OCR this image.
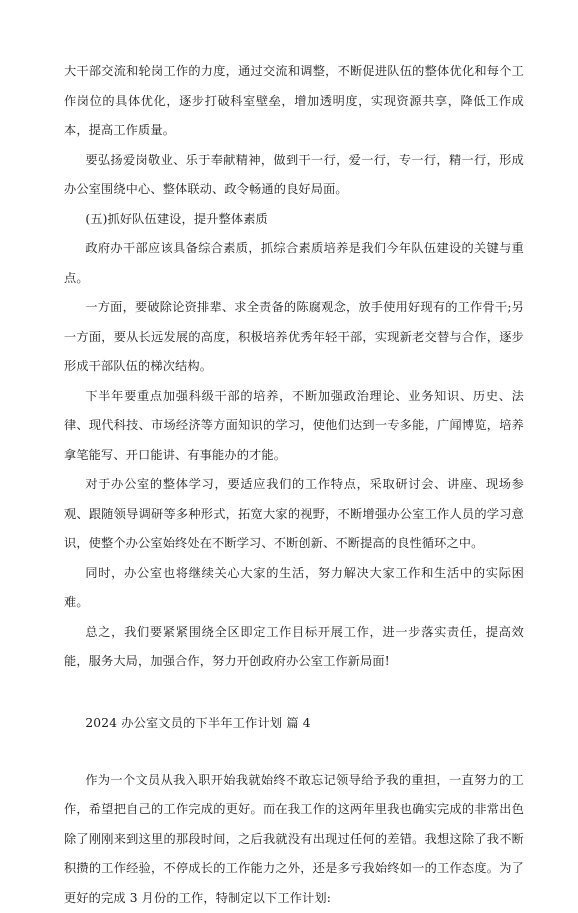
大干部交流和轮岗工作的力度，通过交流和调整，不断促进队伍的整体优化和每个工作岗位的具体优化，逐步打破科室壁垒，增加透明度，实现资源共享，降低工作成本，提高工作质量。

要弘扬爱岗敬业、乐于奉献精神，做到干一行，爱一行，专一行，精一行，形成办公室围绕中心、整体联动、政令畅通的良好局面。

(五)抓好队伍建设，提升整体素质

政府办干部应该具备综合素质，抓综合素质培养是我们今年队伍建设的关键与重点。

一方面，要破除论资排辈、求全责备的陈腐观念，放手使用好现有的工作骨干;另一方面，要从长远发展的高度，积极培养优秀年轻干部，实现新老交替与合作，逐步形成干部队伍的梯次结构。

下半年要重点加强科级干部的培养，不断加强政治理论、业务知识、历史、法律、现代科技、市场经济等方面知识的学习，使他们达到一专多能，广闻博览，培养拿笔能写、开口能讲、有事能办的才能。

对于办公室的整体学习，要适应我们的工作特点，采取研讨会、讲座、现场参观、跟随领导调研等多种形式，拓宽大家的视野，不断增强办公室工作人员的学习意识，使整个办公室始终处在不断学习、不断创新、不断提高的良性循环之中。

同时，办公室也将继续关心大家的生活，努力解决大家工作和生活中的实际困难。

总之，我们要紧紧围绕全区即定工作目标开展工作，进一步落实责任，提高效能，服务大局，加强合作，努力开创政府办公室工作新局面!

2024 办公室文员的下半年工作计划 篇 4

作为一个文员从我入职开始我就始终不敢忘记领导给予我的重担，一直努力的工作，希望把自己的工作完成的更好。而在我工作的这两年里我也确实完成的非常出色除了刚刚来到这里的那段时间，之后我就没有出现过任何的差错。我想这除了我不断积攒的工作经验，不停成长的工作能力之外，还是多亏我始终如一的工作态度。为了更好的完成 3 月份的工作，特制定以下工作计划:
